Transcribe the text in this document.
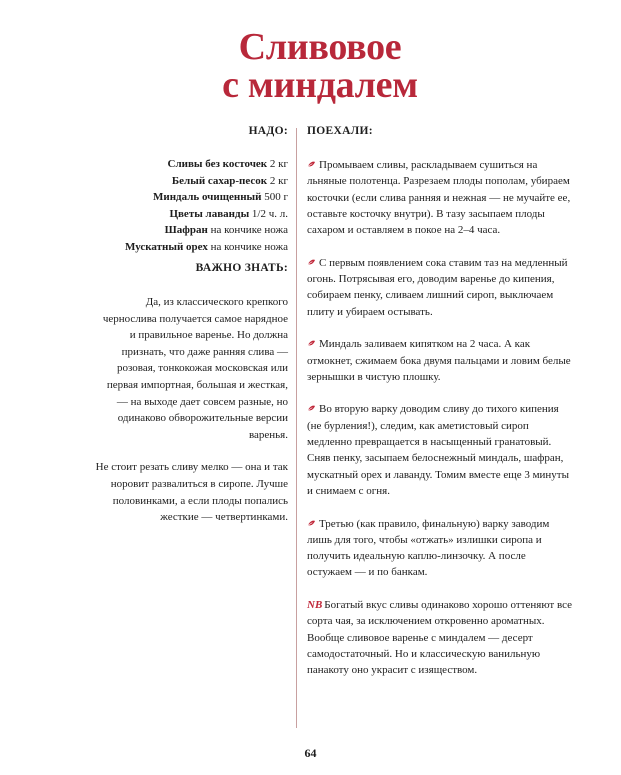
Сливовое
с миндалем
НАДО: ПОЕХАЛИ:
Сливы без косточек 2 кг
Белый сахар-песок 2 кг
Миндаль очищенный 500 г
Цветы лаванды 1/2 ч. л.
Шафран на кончике ножа
Мускатный орех на кончике ножа
ВАЖНО ЗНАТЬ:

Да, из классического крепкого чернослива получается самое нарядное и правильное варенье. Но должна признать, что даже ранняя слива — розовая, тонкокожая московская или первая импортная, большая и жесткая, — на выходе дает совсем разные, но одинаково обворожительные версии варенья.

Не стоит резать сливу мелко — она и так норовит развалиться в сиропе. Лучше половинками, а если плоды попались жесткие — четвертинками.

Промываем сливы, раскладываем сушиться на льняные полотенца. Разрезаем плоды пополам, убираем косточки (если слива ранняя и нежная — не мучайте ее, оставьте косточку внутри). В тазу засыпаем плоды сахаром и оставляем в покое на 2–4 часа.
С первым появлением сока ставим таз на медленный огонь. Потрясывая его, доводим варенье до кипения, собираем пенку, сливаем лишний сироп, выключаем плиту и убираем остывать.
Миндаль заливаем кипятком на 2 часа. А как отмокнет, сжимаем бока двумя пальцами и ловим белые зернышки в чистую плошку.
Во вторую варку доводим сливу до тихого кипения (не бурления!), следим, как аметистовый сироп медленно превращается в насыщенный гранатовый. Сняв пенку, засыпаем белоснежный миндаль, шафран, мускатный орех и лаванду. Томим вместе еще 3 минуты и снимаем с огня.
Третью (как правило, финальную) варку заводим лишь для того, чтобы «отжать» излишки сиропа и получить идеальную каплю-линзочку. А после остужаем — и по банкам.
NB Богатый вкус сливы одинаково хорошо оттеняют все сорта чая, за исключением откровенно ароматных. Вообще сливовое варенье с миндалем — десерт самодостаточный. Но и классическую ванильную панакоту оно украсит с изяществом.
64
